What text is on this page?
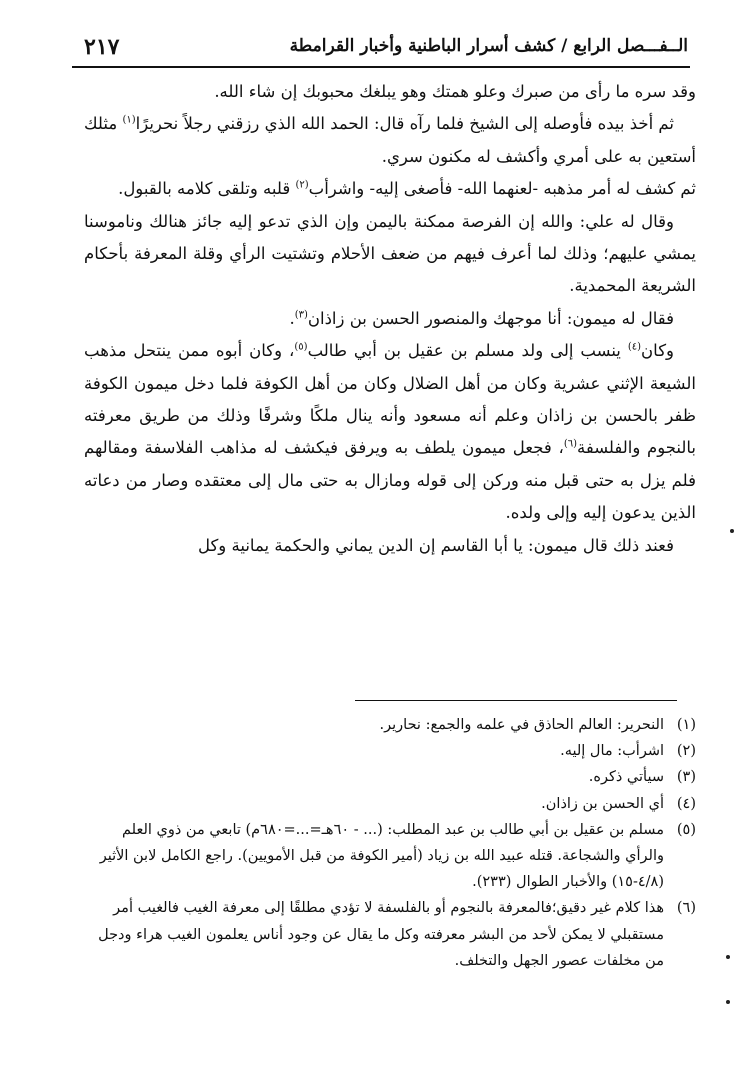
الــفـــصل الرابع / كشف أسرار الباطنية وأخبار القرامطة
٢١٧

وقد سره ما رأى من صبرك وعلو همتك وهو يبلغك محبوبك إن شاء الله.

ثم أخذ بيده فأوصله إلى الشيخ فلما رآه قال: الحمد الله الذي رزقني رجلاً نحريرًا$^{(١)}$ مثلك أستعين به على أمري وأكشف له مكنون سري.

ثم كشف له أمر مذهبه -لعنهما الله- فأصغى إليه- واشرأب$^{(٢)}$ قلبه وتلقى كلامه بالقبول.

وقال له علي: والله إن الفرصة ممكنة باليمن وإن الذي تدعو إليه جائز هنالك وناموسنا يمشي عليهم؛ وذلك لما أعرف فيهم من ضعف الأحلام وتشتيت الرأي وقلة المعرفة بأحكام الشريعة المحمدية.

فقال له ميمون: أنا موجهك والمنصور الحسن بن زاذان$^{(٣)}$.

وكان$^{(٤)}$ ينسب إلى ولد مسلم بن عقيل بن أبي طالب$^{(٥)}$، وكان أبوه ممن ينتحل مذهب الشيعة الإثني عشرية وكان من أهل الضلال وكان من أهل الكوفة فلما دخل ميمون الكوفة ظفر بالحسن بن زاذان وعلم أنه مسعود وأنه ينال ملكًا وشرفًا وذلك من طريق معرفته بالنجوم والفلسفة$^{(٦)}$، فجعل ميمون يلطف به ويرفق فيكشف له مذاهب الفلاسفة ومقالهم فلم يزل به حتى قبل منه وركن إلى قوله ومازال به حتى مال إلى معتقده وصار من دعاته الذين يدعون إليه وإلى ولده.

فعند ذلك قال ميمون: يا أبا القاسم إن الدين يماني والحكمة يمانية وكل

(١)
النحرير: العالم الحاذق في علمه والجمع: نحارير.
(٢)
اشرأب: مال إليه.
(٣)
سيأتي ذكره.
(٤)
أي الحسن بن زاذان.
(٥)
مسلم بن عقيل بن أبي طالب بن عبد المطلب: (... - ٦٠هـ=...=٦٨٠م) تابعي من ذوي العلم والرأي والشجاعة. قتله عبيد الله بن زياد (أمير الكوفة من قبل الأمويين). راجع الكامل لابن الأثير (٤/٨-١٥) والأخبار الطوال (٢٣٣).
(٦)
هذا كلام غير دقيق؛فالمعرفة بالنجوم أو بالفلسفة لا تؤدي مطلقًا إلى معرفة الغيب فالغيب أمر مستقبلي لا يمكن لأحد من البشر معرفته وكل ما يقال عن وجود أناس يعلمون الغيب هراء ودجل من مخلفات عصور الجهل والتخلف.
